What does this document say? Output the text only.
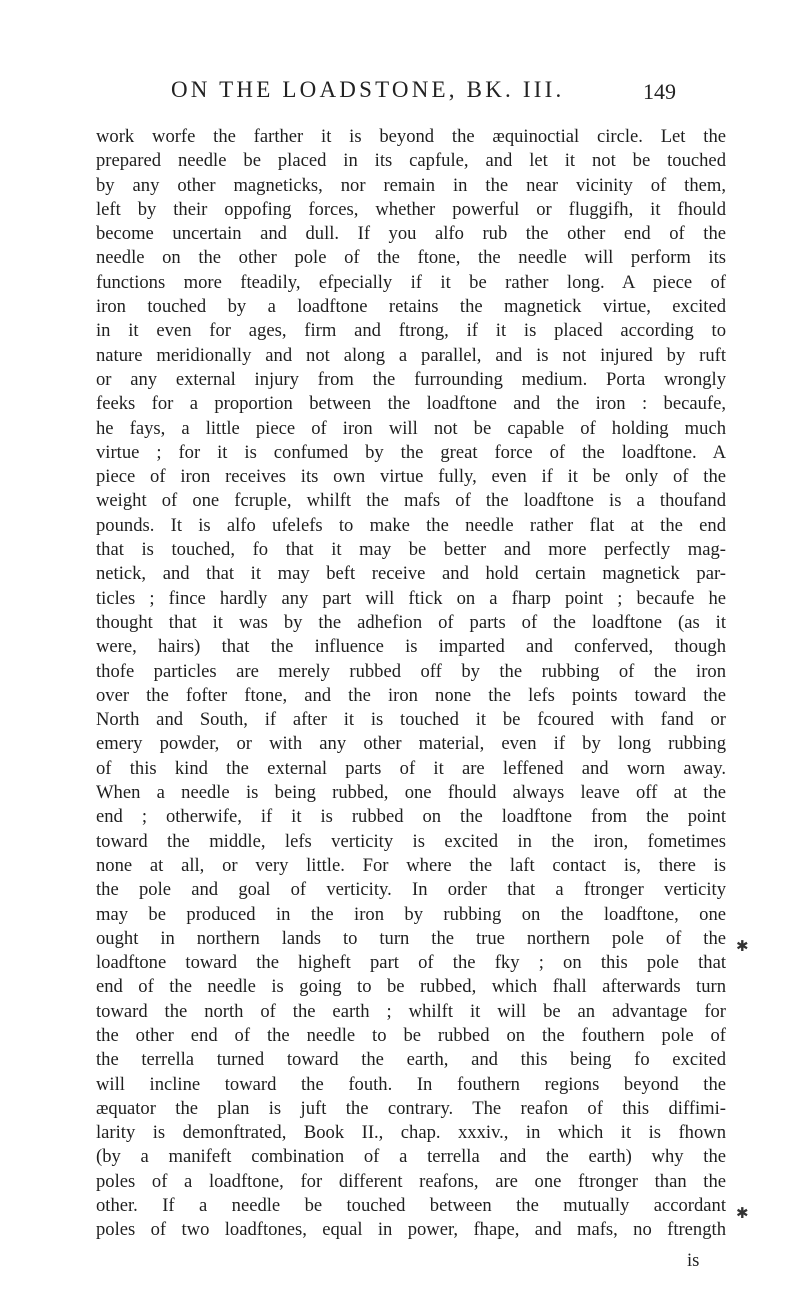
ON THE LOADSTONE, BK. III.	149
work worfe the farther it is beyond the æquinoctial circle. Let the
prepared needle be placed in its capfule, and let it not be touched
by any other magneticks, nor remain in the near vicinity of them,
left by their oppofing forces, whether powerful or fluggifh, it fhould
become uncertain and dull. If you alfo rub the other end of the
needle on the other pole of the ftone, the needle will perform its
functions more fteadily, efpecially if it be rather long. A piece of
iron touched by a loadftone retains the magnetick virtue, excited
in it even for ages, firm and ftrong, if it is placed according to
nature meridionally and not along a parallel, and is not injured by ruft
or any external injury from the furrounding medium. Porta wrongly
feeks for a proportion between the loadftone and the iron : becaufe,
he fays, a little piece of iron will not be capable of holding much
virtue ; for it is confumed by the great force of the loadftone. A
piece of iron receives its own virtue fully, even if it be only of the
weight of one fcruple, whilft the mafs of the loadftone is a thoufand
pounds. It is alfo ufelefs to make the needle rather flat at the end
that is touched, fo that it may be better and more perfectly mag-
netick, and that it may beft receive and hold certain magnetick par-
ticles ; fince hardly any part will ftick on a fharp point ; becaufe he
thought that it was by the adhefion of parts of the loadftone (as it
were, hairs) that the influence is imparted and conferved, though
thofe particles are merely rubbed off by the rubbing of the iron
over the fofter ftone, and the iron none the lefs points toward the
North and South, if after it is touched it be fcoured with fand or
emery powder, or with any other material, even if by long rubbing
of this kind the external parts of it are leffened and worn away.
When a needle is being rubbed, one fhould always leave off at the
end ; otherwife, if it is rubbed on the loadftone from the point
toward the middle, lefs verticity is excited in the iron, fometimes
none at all, or very little. For where the laft contact is, there is
the pole and goal of verticity. In order that a ftronger verticity
may be produced in the iron by rubbing on the loadftone, one
ought in northern lands to turn the true northern pole of the
loadftone toward the higheft part of the fky ; on this pole that
end of the needle is going to be rubbed, which fhall afterwards turn
toward the north of the earth ; whilft it will be an advantage for
the other end of the needle to be rubbed on the fouthern pole of
the terrella turned toward the earth, and this being fo excited
will incline toward the fouth. In fouthern regions beyond the
æquator the plan is juft the contrary. The reafon of this diffimi-
larity is demonftrated, Book II., chap. xxxiv., in which it is fhown
(by a manifeft combination of a terrella and the earth) why the
poles of a loadftone, for different reafons, are one ftronger than the
other. If a needle be touched between the mutually accordant
poles of two loadftones, equal in power, fhape, and mafs, no ftrength
is
✱
✱
